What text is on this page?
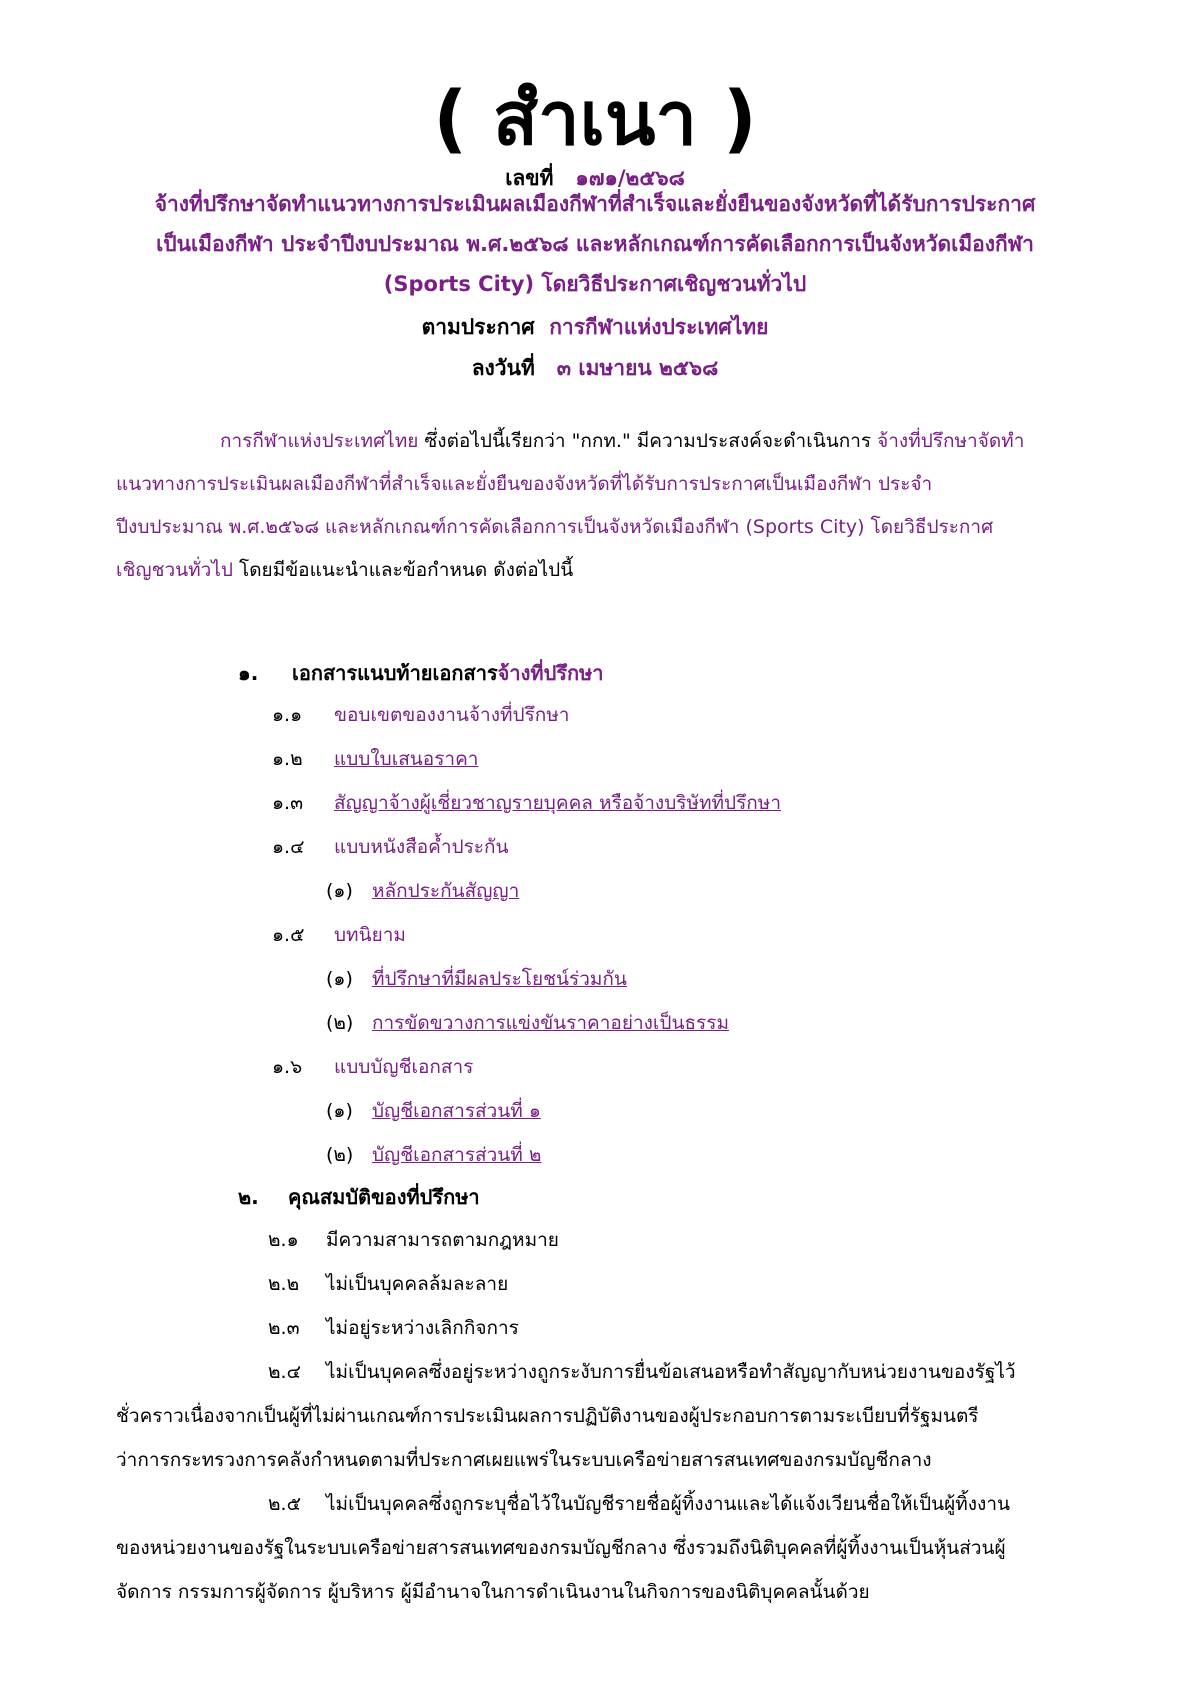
( สำเนา )
เลขที่ ๑๗๑/๒๕๖๘
จ้างที่ปรึกษาจัดทำแนวทางการประเมินผลเมืองกีฬาที่สำเร็จและยั่งยืนของจังหวัดที่ได้รับการประกาศ
เป็นเมืองกีฬา ประจำปีงบประมาณ พ.ศ.๒๕๖๘ และหลักเกณฑ์การคัดเลือกการเป็นจังหวัดเมืองกีฬา
(Sports City) โดยวิธีประกาศเชิญชวนทั่วไป
ตามประกาศ การกีฬาแห่งประเทศไทย
ลงวันที่ ๓ เมษายน ๒๕๖๘
การกีฬาแห่งประเทศไทย ซึ่งต่อไปนี้เรียกว่า "กกท." มีความประสงค์จะดำเนินการ จ้างที่ปรึกษาจัดทำ
แนวทางการประเมินผลเมืองกีฬาที่สำเร็จและยั่งยืนของจังหวัดที่ได้รับการประกาศเป็นเมืองกีฬา ประจำ
ปีงบประมาณ พ.ศ.๒๕๖๘ และหลักเกณฑ์การคัดเลือกการเป็นจังหวัดเมืองกีฬา (Sports City) โดยวิธีประกาศ
เชิญชวนทั่วไป โดยมีข้อแนะนำและข้อกำหนด ดังต่อไปนี้
๑. เอกสารแนบท้ายเอกสารจ้างที่ปรึกษา
๑.๑ ขอบเขตของงานจ้างที่ปรึกษา
๑.๒ แบบใบเสนอราคา
๑.๓ สัญญาจ้างผู้เชี่ยวชาญรายบุคคล หรือจ้างบริษัทที่ปรึกษา
๑.๔ แบบหนังสือค้ำประกัน
(๑) หลักประกันสัญญา
๑.๕ บทนิยาม
(๑) ที่ปรึกษาที่มีผลประโยชน์ร่วมกัน
(๒) การขัดขวางการแข่งขันราคาอย่างเป็นธรรม
๑.๖ แบบบัญชีเอกสาร
(๑) บัญชีเอกสารส่วนที่ ๑
(๒) บัญชีเอกสารส่วนที่ ๒
๒. คุณสมบัติของที่ปรึกษา
๒.๑ มีความสามารถตามกฎหมาย
๒.๒ ไม่เป็นบุคคลล้มละลาย
๒.๓ ไม่อยู่ระหว่างเลิกกิจการ
๒.๔ ไม่เป็นบุคคลซึ่งอยู่ระหว่างถูกระงับการยื่นข้อเสนอหรือทำสัญญากับหน่วยงานของรัฐไว้
ชั่วคราวเนื่องจากเป็นผู้ที่ไม่ผ่านเกณฑ์การประเมินผลการปฏิบัติงานของผู้ประกอบการตามระเบียบที่รัฐมนตรี
ว่าการกระทรวงการคลังกำหนดตามที่ประกาศเผยแพร่ในระบบเครือข่ายสารสนเทศของกรมบัญชีกลาง
๒.๕ ไม่เป็นบุคคลซึ่งถูกระบุชื่อไว้ในบัญชีรายชื่อผู้ทิ้งงานและได้แจ้งเวียนชื่อให้เป็นผู้ทิ้งงาน
ของหน่วยงานของรัฐในระบบเครือข่ายสารสนเทศของกรมบัญชีกลาง ซึ่งรวมถึงนิติบุคคลที่ผู้ทิ้งงานเป็นหุ้นส่วนผู้
จัดการ กรรมการผู้จัดการ ผู้บริหาร ผู้มีอำนาจในการดำเนินงานในกิจการของนิติบุคคลนั้นด้วย
